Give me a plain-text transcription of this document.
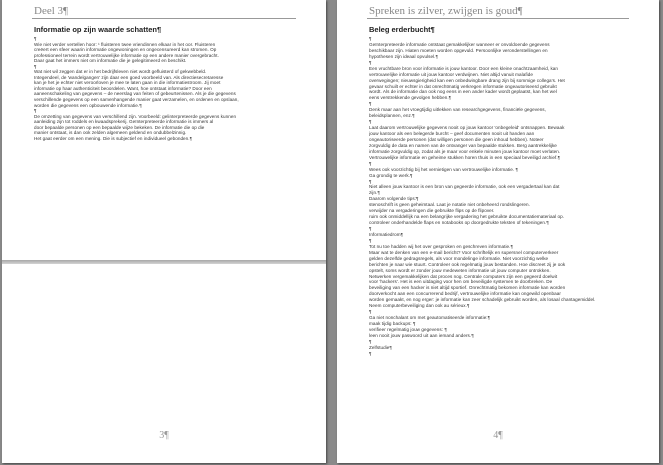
Deel 3¶
Informatie op zijn waarde schatten¶
¶
Wie niet verder vertellen hoor: ¹ fluisteren twee vriendinnen elkaar in het oor. Fluisteren
creëert een sfeer waarin informatie ongewoningen en ongecensureerd kan stromen. Op
professioneel terrein wordt vertrouwelijke informatie op een andere manier overgebracht.
Daar gaat het immers niet om informatie die je gelegitimeerd en beschikt.
¶
Wat niet wil zeggen dat er in het bedrijfsleven niet wordt gefluisterd of gekwebbeld.
Integendeel, de 'wandelgangen' zijn daar een goed voorbeeld van. Als directiesecretaresse
kan je het je echter niet veroorloven je mee te laten gaan in die informatiestroom. Jij moet
informatie op haar authenticiteit beoordelen. Want, hoe ontstaat informatie? Door een
aaneenschakeling van gegevens – de neerslag van feiten of gebeurtenissen. Als je die gegevens
verschillende gegevens op een samenhangende manier gaat verzamelen, en ordenen en opslaan,
worden die gegevens een opbouwende informatie.¶
¶
De omzetting van gegevens van verschillend zijn. Voorbeeld: gelinterpreteerde gegevens kunnen
aanleiding zijn tot roddels en kwaadsprekerij. Geïnterpreteerde informatie is immers al
door bepaalde personen op een bepaalde wijze bekeken. De informatie die op die
manier ontstaat, is dan ook zelden algemeen geldend en ondubbelzinnig.
Het gaat eerder om een mening. Die is subjectief en individueel gebonden.¶
3¶
Spreken is zilver, zwijgen is goud¶
Beleg erderbucht¶
¶
Geïnterpreteerde informatie ontstaat gemakkelijker wanneer er onvoldoende gegevens
beschikbaar zijn. Hiaten moeten worden opgevuld. Persoonlijke veronderstellingen en
hypothesen zijn ideaal opvulsel.¶
¶
Een vruchtbare bron voor informatie is jouw kantoor. Door een kleine onachtzaamheid, kan
vertrouwelijke informatie uit jouw kantoor verdwijnen. Niet altijd vanuit malafide
overwegingen; nieuwsgierigheid kan een onbedwingbare drang zijn bij sommige collega's. Het
gevaar schuilt er echter in dat onrechtmatig verkregen informatie ongeautoriseerd gebruikt
wordt. Als de informatie dan ook nog eens in een ander kader wordt geplaatst, kan het wel
eens verstrekkende gevolgen hebben.¶
¶
Denk maar aan het vroegtijdig uitlekken van researchgegevens, financiële gegevens,
beleidsplannen, enz.¶
¶
Laat daarom vertrouwelijke gegevens nooit op jouw kantoor 'onbegeleid' ontsnappen. Bewaak
jouw kantoor als een belegerde burcht – geef documenten nooit uit handen aan
ongeautoriseerde personen (dat willigen personen die geen inhoud hebben). Noteer
zorgvuldig de data en namen van de ontvanger van bepaalde stukken. Berg aantrekkelijke
informatie zorgvuldig op, zodat als je maar voor enkele minuten jouw kantoor moet verlaten.
Vertrouwelijke informatie en geheime stukken horen thuis in een speciaal beveiligd archief.¶
¶
Wees ook voorzichtig bij het vernietigen van vertrouwelijke informatie. ¶
Ga grondig te werk.¶
¶
Niet alleen jouw kantoor is een bron van gegeerde informatie, ook een vergadertaal kan dat
zijn.¶
Daarom volgende tips:¶
stenoschrift is geen geheimtaal. Laat je notatie niet onbeheerd rondslingeren.
verwijder na vergaderingen die gebruikte flips op de flipover.
ruim ook onmiddellijk na een belangrijke vergadering het gebruikte documentatiemateriaal op.
controleer onderhandelde flaps en notabooks op doorgedrukte teksten of tekeningen.¶
¶
Informatiedrom¶
¶
Tot nu toe hadden wij het over gesproken en geschreven informatie.¶
Maar wat te denken van een e-mail bericht? Voor schriftelijk en supersnel computerverkeer
gelden dezelfde gedragsregels, als voor mondelinge informatie. Niet voorzichtig welke
berichten je naar wie stuurt. Controleer ook regelmatig jouw bestanden. Hoe discreet zij je ook
opstelt, soms wordt er zonder jouw medeweten informatie uit jouw computer ontrokken.
Netwerken vergemakkelijken dat proces nog. Centrale computers zijn een gegeerd doelwit
voor 'hackers'. Het is een uitdaging voor hen om beveiligde systemen te doorbreken. De
beveiliging van een hacker is niet altijd sportief. Onrechtmatig bekomen informatie kan worden
doorverkocht aan een concurrerend bedrijf, vertrouwelijke informatie kan ongewild openbaar
worden gemaakt, en nog erger: je informatie kan zeer schadelijk gebruikt worden, als losaal chantagemiddel.
Neem computerbeveiliging dan ook au sérieux.¶
¶
Ga niet nonchalant om met geautomatiseerde informatie:¶
maak tijdig backups: ¶
verifieer regelmatig jouw gegevens: ¶
leen nooit jouw paswoord uit aan iemand anders.¶
¶
Zelfstudie¶
¶
4¶
